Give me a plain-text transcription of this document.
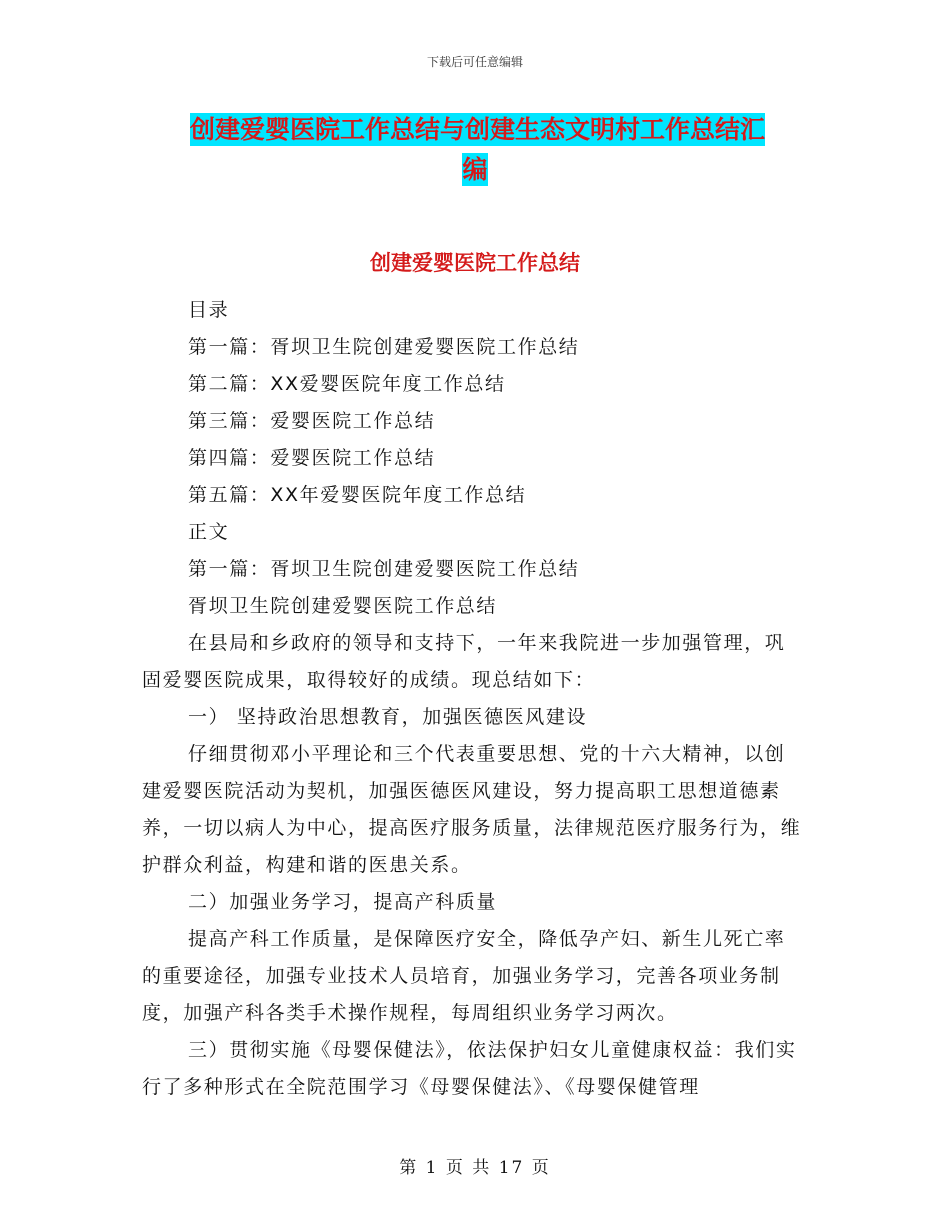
下载后可任意编辑
创建爱婴医院工作总结与创建生态文明村工作总结汇
编
创建爱婴医院工作总结

目录

第一篇：胥坝卫生院创建爱婴医院工作总结

第二篇：XX爱婴医院年度工作总结

第三篇：爱婴医院工作总结

第四篇：爱婴医院工作总结

第五篇：XX年爱婴医院年度工作总结

正文

第一篇：胥坝卫生院创建爱婴医院工作总结

胥坝卫生院创建爱婴医院工作总结

在县局和乡政府的领导和支持下，一年来我院进一步加强管理，巩固爱婴医院成果，取得较好的成绩。现总结如下：

一） 坚持政治思想教育，加强医德医风建设

仔细贯彻邓小平理论和三个代表重要思想、党的十六大精神，以创建爱婴医院活动为契机，加强医德医风建设，努力提高职工思想道德素养，一切以病人为中心，提高医疗服务质量，法律规范医疗服务行为，维护群众利益，构建和谐的医患关系。

二）加强业务学习，提高产科质量

提高产科工作质量，是保障医疗安全，降低孕产妇、新生儿死亡率的重要途径，加强专业技术人员培育，加强业务学习，完善各项业务制度，加强产科各类手术操作规程，每周组织业务学习两次。

三）贯彻实施《母婴保健法》，依法保护妇女儿童健康权益：我们实行了多种形式在全院范围学习《母婴保健法》、《母婴保健管理

第 1 页 共 17 页
